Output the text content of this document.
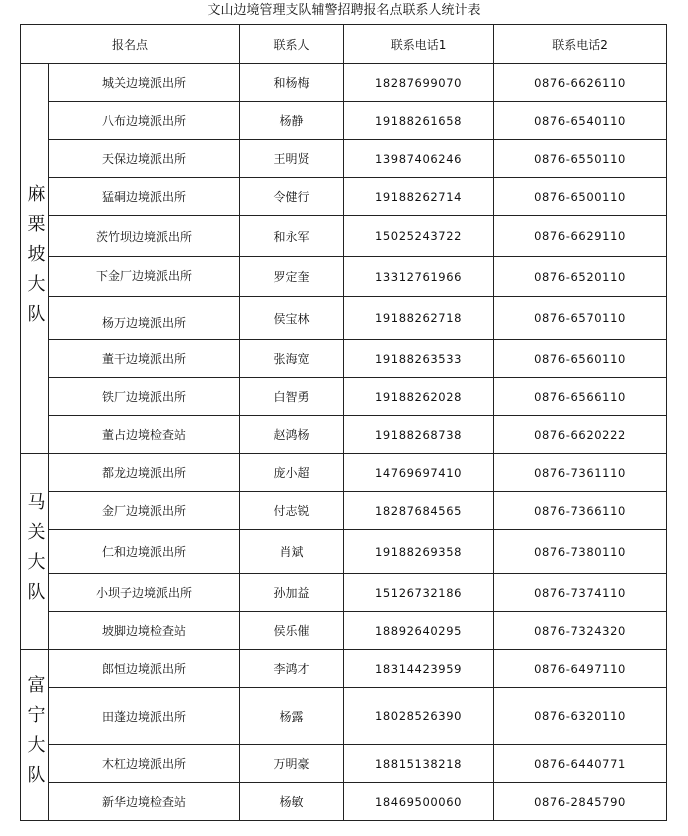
文山边境管理支队辅警招聘报名点联系人统计表
报名点		联系人	联系电话1	联系电话2
麻栗坡大队	城关边境派出所	和杨梅	18287699070	0876-6626110
	八布边境派出所	杨静	19188261658	0876-6540110
	天保边境派出所	王明贤	13987406246	0876-6550110
	猛硐边境派出所	令健行	19188262714	0876-6500110
	茨竹坝边境派出所	和永军	15025243722	0876-6629110
	下金厂边境派出所	罗定奎	13312761966	0876-6520110
	杨万边境派出所	侯宝林	19188262718	0876-6570110
	董干边境派出所	张海宽	19188263533	0876-6560110
	铁厂边境派出所	白智勇	19188262028	0876-6566110
	董占边境检查站	赵鸿杨	19188268738	0876-6620222
马关大队	都龙边境派出所	庞小超	14769697410	0876-7361110
	金厂边境派出所	付志锐	18287684565	0876-7366110
	仁和边境派出所	肖斌	19188269358	0876-7380110
	小坝子边境派出所	孙加益	15126732186	0876-7374110
	坡脚边境检查站	侯乐催	18892640295	0876-7324320
富宁大队	郎恒边境派出所	李鸿才	18314423959	0876-6497110
	田蓬边境派出所	杨露	18028526390	0876-6320110
	木杠边境派出所	万明豪	18815138218	0876-6440771
	新华边境检查站	杨敏	18469500060	0876-2845790
